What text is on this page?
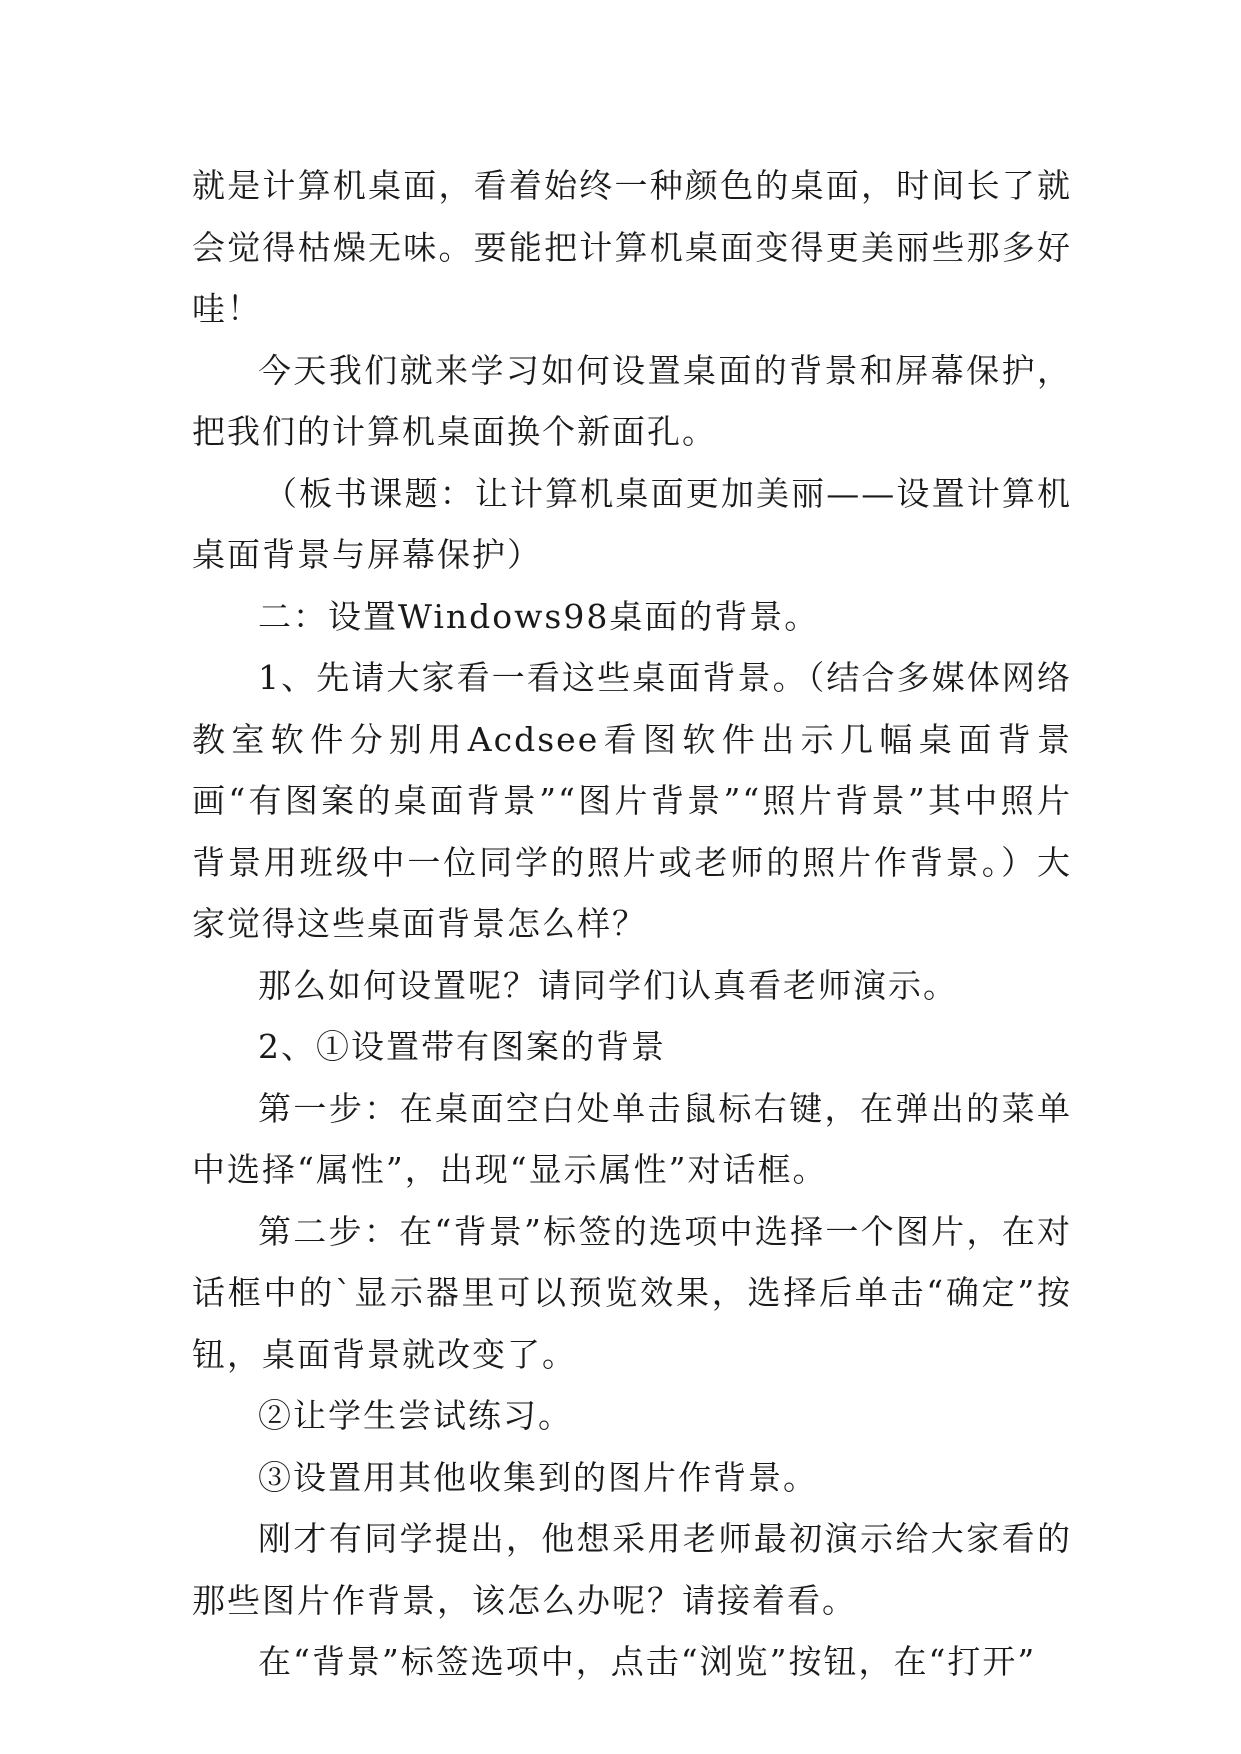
就是计算机桌面，看着始终一种颜色的桌面，时间长了就会觉得枯燥无味。要能把计算机桌面变得更美丽些那多好哇！

今天我们就来学习如何设置桌面的背景和屏幕保护，把我们的计算机桌面换个新面孔。

（板书课题：让计算机桌面更加美丽——设置计算机桌面背景与屏幕保护）

二：设置Windows98桌面的背景。

1、先请大家看一看这些桌面背景。（结合多媒体网络教室软件分别用Acdsee看图软件出示几幅桌面背景画“有图案的桌面背景”“图片背景”“照片背景”其中照片背景用班级中一位同学的照片或老师的照片作背景。）大家觉得这些桌面背景怎么样？

那么如何设置呢？请同学们认真看老师演示。

2、①设置带有图案的背景

第一步：在桌面空白处单击鼠标右键，在弹出的菜单中选择“属性”，出现“显示属性”对话框。

第二步：在“背景”标签的选项中选择一个图片，在对话框中的`显示器里可以预览效果，选择后单击“确定”按钮，桌面背景就改变了。

②让学生尝试练习。

③设置用其他收集到的图片作背景。

刚才有同学提出，他想采用老师最初演示给大家看的那些图片作背景，该怎么办呢？请接着看。

在“背景”标签选项中，点击“浏览”按钮，在“打开”
